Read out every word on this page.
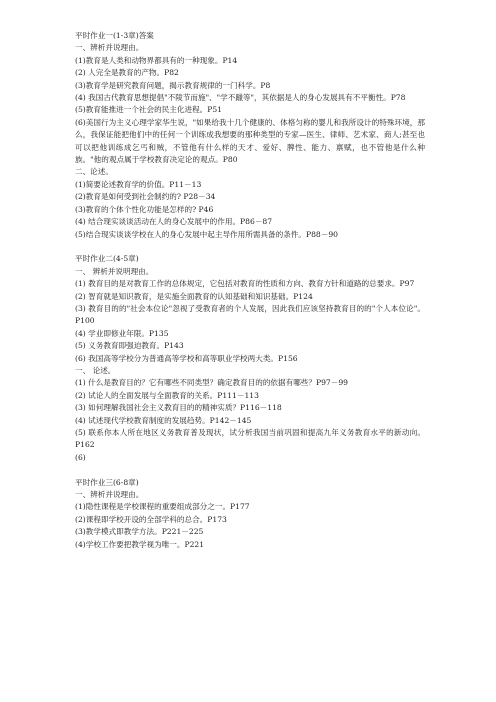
平时作业一(1-3章)答案

一、辨析并说理由。

(1)教育是人类和动物界都具有的一种现象。P14

(2) 人完全是教育的产物。P82

(3)教育学是研究教育问题，揭示教育规律的一门科学。P8

(4) 我国古代教育思想提倡"不陵节而施"、"学不躐等"，其依据是人的身心发展具有不平衡性。P78

(5)教育能推进一个社会的民主化进程。P51

(6)美国行为主义心理学家华生说，"如果给我十几个健康的、体格匀称的婴儿和我所设计的特殊环境，那么，我保证能把他们中的任何一个训练成我想要的那种类型的专家—医生、律师、艺术家、商人;甚至也可以把他训练成乞丐和贼，不管他有什么样的天才、爱好、脾性、能力、禀赋，也不管他是什么种族。"他的观点属于学校教育决定论的观点。P80

二、论述。

(1)简要论述教育学的价值。P11－13

(2)教育是如何受到社会制约的? P28－34

(3)教育的个体个性化功能是怎样的? P46

(4) 结合现实谈谈活动在人的身心发展中的作用。P86－87

(5)结合现实谈谈学校在人的身心发展中起主导作用所需具备的条件。P88－90

平时作业二(4-5章)

一、 辨析并说明理由。

(1) 教育目的是对教育工作的总体规定，它包括对教育的性质和方向、教育方针和道路的总要求。P97

(2) 智育就是知识教育，是实施全面教育的认知基础和知识基础。P124

(3) 教育目的的"社会本位论"忽视了受教育者的个人发展，因此我们应该坚持教育目的的"个人本位论"。P100

(4) 学业即修业年限。P135

(5) 义务教育即强迫教育。P143

(6) 我国高等学校分为普通高等学校和高等职业学校两大类。P156

一、 论述。

(1) 什么是教育目的？它有哪些不同类型？确定教育目的的依据有哪些？P97－99

(2) 试论人的全面发展与全面教育的关系。P111－113

(3) 如何理解我国社会主义教育目的的精神实质？P116－118

(4) 试述现代学校教育制度的发展趋势。P142－145

(5) 联系你本人所在地区义务教育普及现状，试分析我国当前巩固和提高九年义务教育水平的新动向。P162

(6)

平时作业三(6-8章)

一、辨析并说理由。

(1)隐性课程是学校课程的重要组成部分之一。P177

(2)课程即学校开设的全部学科的总合。P173

(3)教学模式即教学方法。P221－225

(4)学校工作要把教学视为唯一。P221
